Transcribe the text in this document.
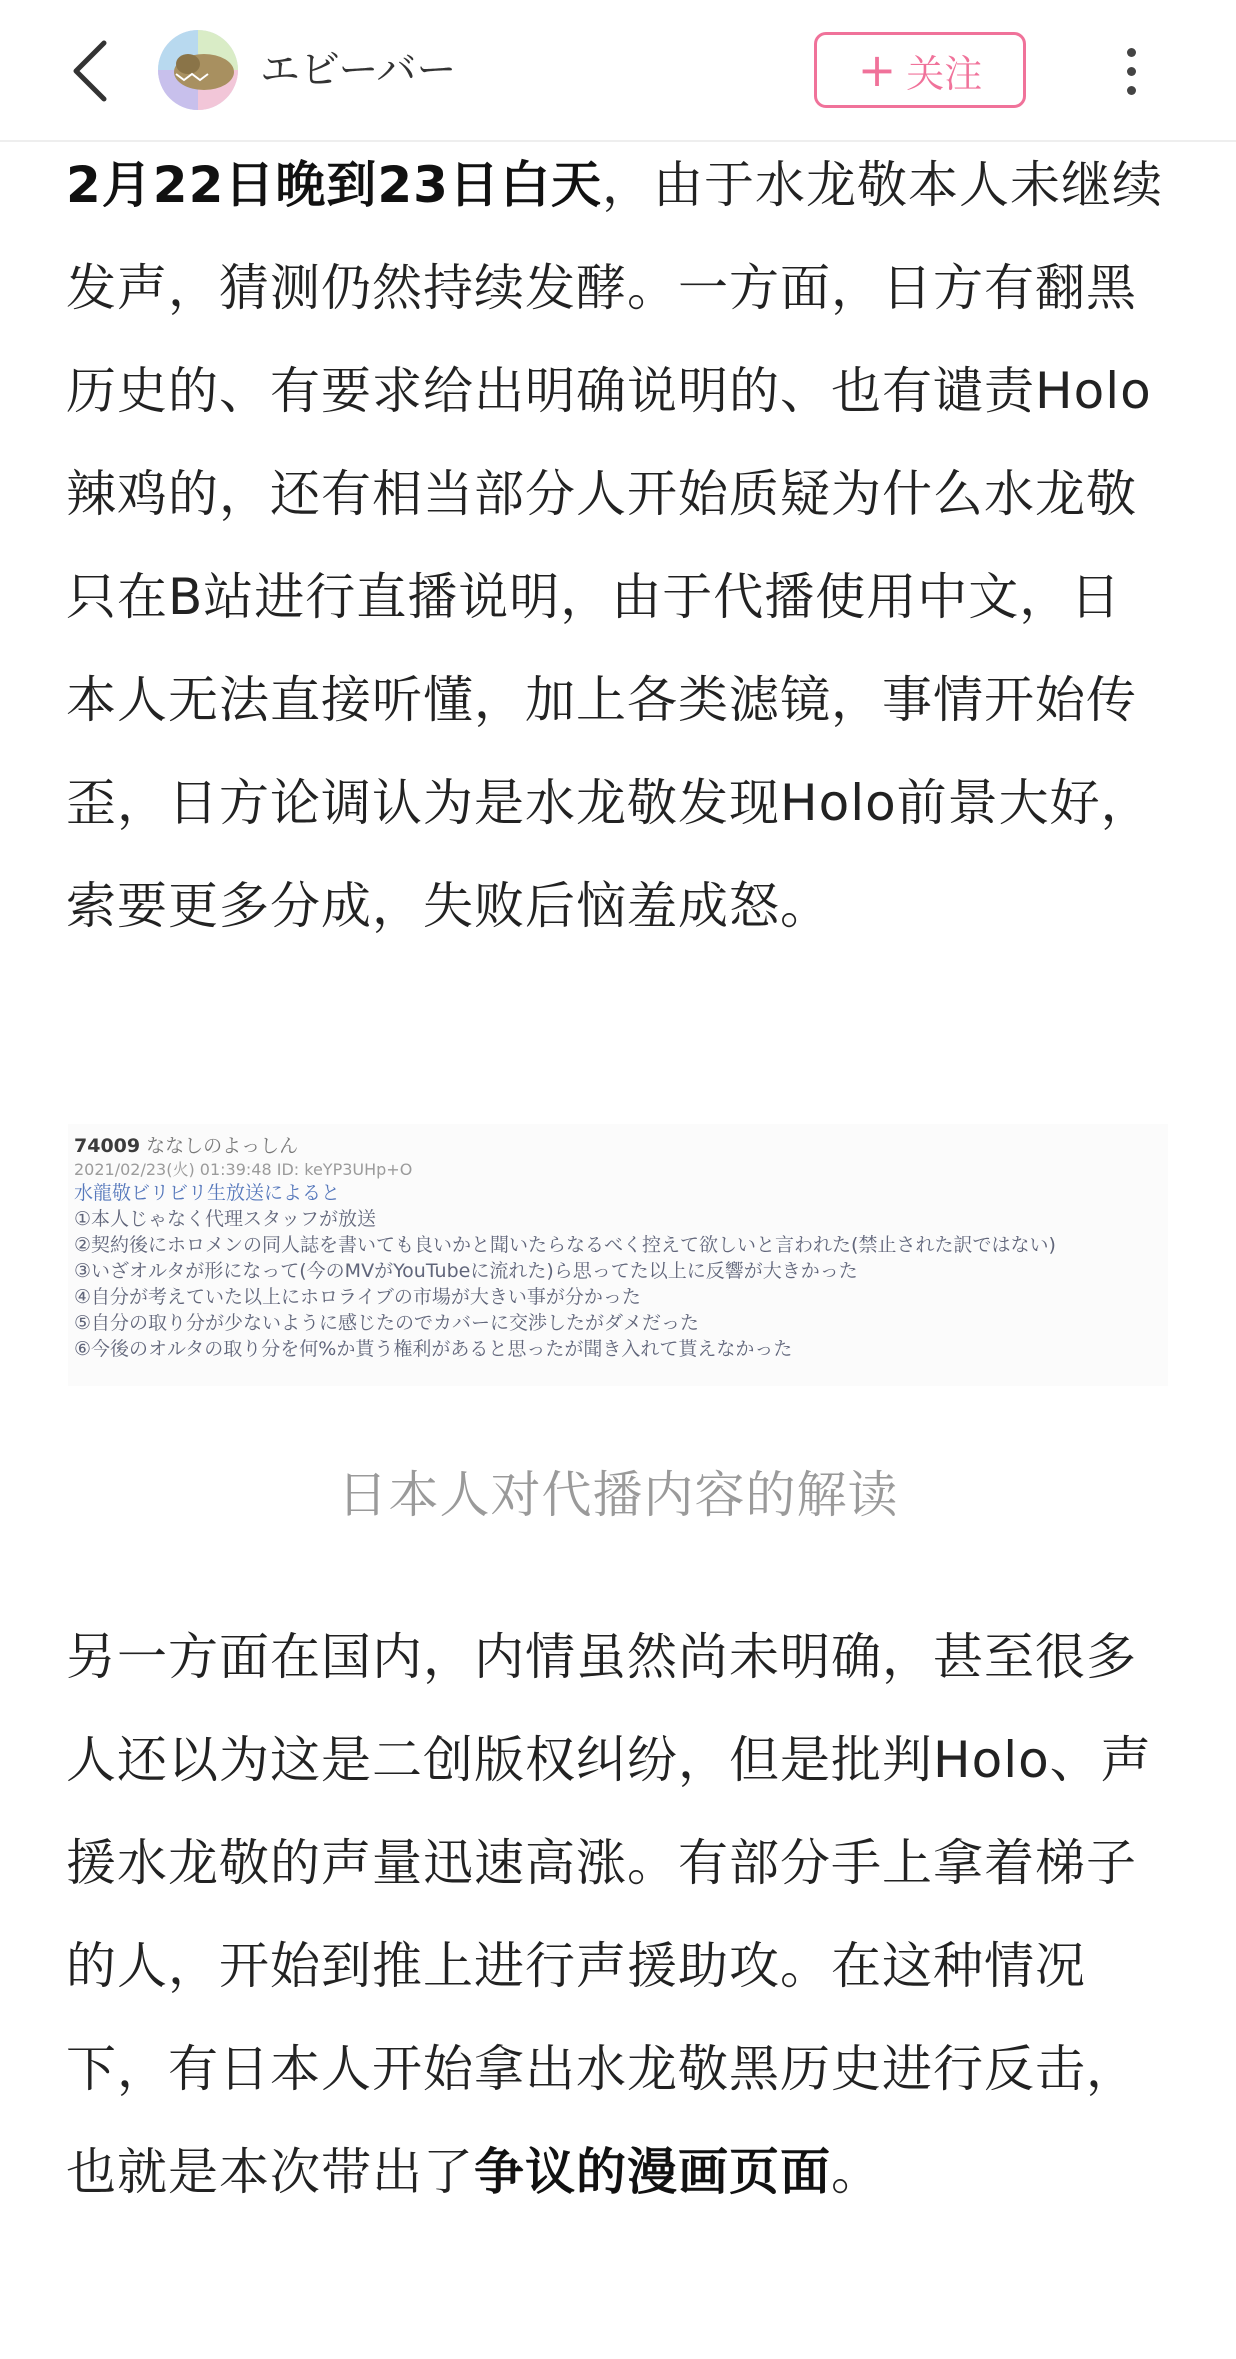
エビーバー	+ 关注

2月22日晚到23日白天，由于水龙敬本人未继续发声，猜测仍然持续发酵。一方面，日方有翻黑历史的、有要求给出明确说明的、也有谴责Holo辣鸡的，还有相当部分人开始质疑为什么水龙敬只在B站进行直播说明，由于代播使用中文，日本人无法直接听懂，加上各类滤镜，事情开始传歪，日方论调认为是水龙敬发现Holo前景大好，索要更多分成，失败后恼羞成怒。

74009 ななしのよっしん
2021/02/23(火) 01:39:48 ID: keYP3UHp+O
水龍敬ビリビリ生放送によると
①本人じゃなく代理スタッフが放送
②契約後にホロメンの同人誌を書いても良いかと聞いたらなるべく控えて欲しいと言われた(禁止された訳ではない)
③いざオルタが形になって(今のMVがYouTubeに流れた)ら思ってた以上に反響が大きかった
④自分が考えていた以上にホロライブの市場が大きい事が分かった
⑤自分の取り分が少ないように感じたのでカバーに交渉したがダメだった
⑥今後のオルタの取り分を何%か貰う権利があると思ったが聞き入れて貰えなかった
日本人对代播内容的解读

另一方面在国内，内情虽然尚未明确，甚至很多人还以为这是二创版权纠纷，但是批判Holo、声援水龙敬的声量迅速高涨。有部分手上拿着梯子的人，开始到推上进行声援助攻。在这种情况下，有日本人开始拿出水龙敬黑历史进行反击， 也就是本次带出了争议的漫画页面。
